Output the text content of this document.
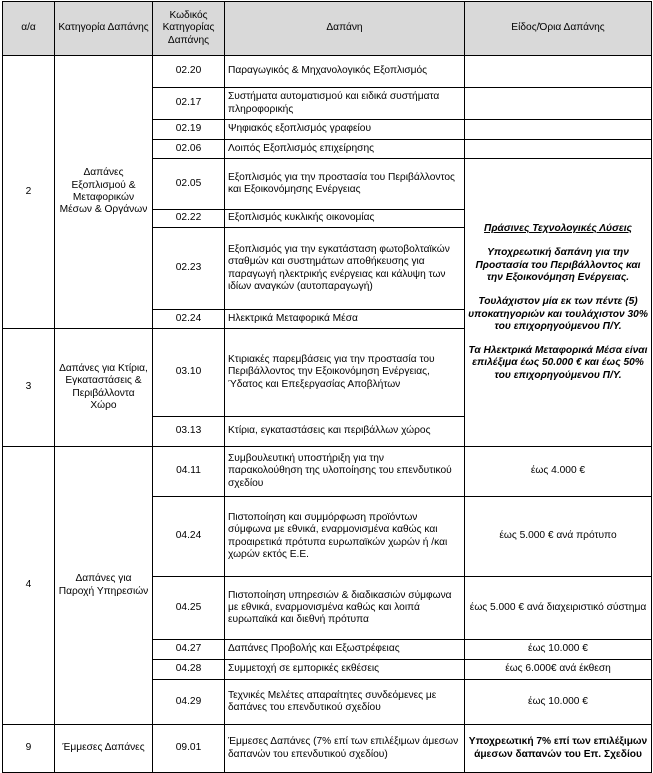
α/α	Κατηγορία Δαπάνης	Κωδικός Κατηγορίας Δαπάνης	Δαπάνη	Είδος/Όρια Δαπάνης
2	Δαπάνες Εξοπλισμού & Μεταφορικών Μέσων & Οργάνων	02.20	Παραγωγικός & Μηχανολογικός Εξοπλισμός	
		02.17	Συστήματα αυτοματισμού και ειδικά συστήματα πληροφορικής	
		02.19	Ψηφιακός εξοπλισμός γραφείου	
		02.06	Λοιπός Εξοπλισμός επιχείρησης	
		02.05	Εξοπλισμός για την προστασία του Περιβάλλοντος και Εξοικονόμησης Ενέργειας	Πράσινες Τεχνολογικές Λύσεις

Υποχρεωτική δαπάνη για την Προστασία του Περιβάλλοντος και την Εξοικονόμηση Ενέργειας.

Τουλάχιστον μία εκ των πέντε (5) υποκατηγοριών και τουλάχιστον 30% του επιχορηγούμενου Π/Υ.

Τα Ηλεκτρικά Μεταφορικά Μέσα είναι επιλέξιμα έως 50.000 € και έως 50% του επιχορηγούμενου Π/Υ.

		02.22	Εξοπλισμός κυκλικής οικονομίας	
		02.23	Εξοπλισμός για την εγκατάσταση φωτοβολταϊκών σταθμών και συστημάτων αποθήκευσης για παραγωγή ηλεκτρικής ενέργειας και κάλυψη των ιδίων αναγκών (αυτοπαραγωγή)	
		02.24	Ηλεκτρικά Μεταφορικά Μέσα	
3	Δαπάνες για Κτίρια, Εγκαταστάσεις & Περιβάλλοντα Χώρο	03.10	Κτιριακές παρεμβάσεις για την προστασία του Περιβάλλοντος την Εξοικονόμηση Ενέργειας, Ύδατος και Επεξεργασίας Αποβλήτων	
		03.13	Κτίρια, εγκαταστάσεις και περιβάλλων χώρος	
4	Δαπάνες για Παροχή Υπηρεσιών	04.11	Συμβουλευτική υποστήριξη για την παρακολούθηση της υλοποίησης του επενδυτικού σχεδίου	έως 4.000 €
		04.24	Πιστοποίηση και συμμόρφωση προϊόντων σύμφωνα με εθνικά, εναρμονισμένα καθώς και προαιρετικά πρότυπα ευρωπαϊκών χωρών ή /και χωρών εκτός Ε.Ε.	έως 5.000 € ανά πρότυπο
		04.25	Πιστοποίηση υπηρεσιών & διαδικασιών σύμφωνα με εθνικά, εναρμονισμένα καθώς και λοιπά ευρωπαϊκά και διεθνή πρότυπα	έως 5.000 € ανά διαχειριστικό σύστημα
		04.27	Δαπάνες Προβολής και Εξωστρέφειας	έως 10.000 €
		04.28	Συμμετοχή σε εμπορικές εκθέσεις	έως 6.000€ ανά έκθεση
		04.29	Τεχνικές Μελέτες απαραίτητες συνδεόμενες με δαπάνες του επενδυτικού σχεδίου	έως 10.000 €
9	Έμμεσες Δαπάνες	09.01	Έμμεσες Δαπάνες (7% επί των επιλέξιμων άμεσων δαπανών του επενδυτικού σχεδίου)	Υποχρεωτική 7% επί των επιλέξιμων άμεσων δαπανών του Επ. Σχεδίου
